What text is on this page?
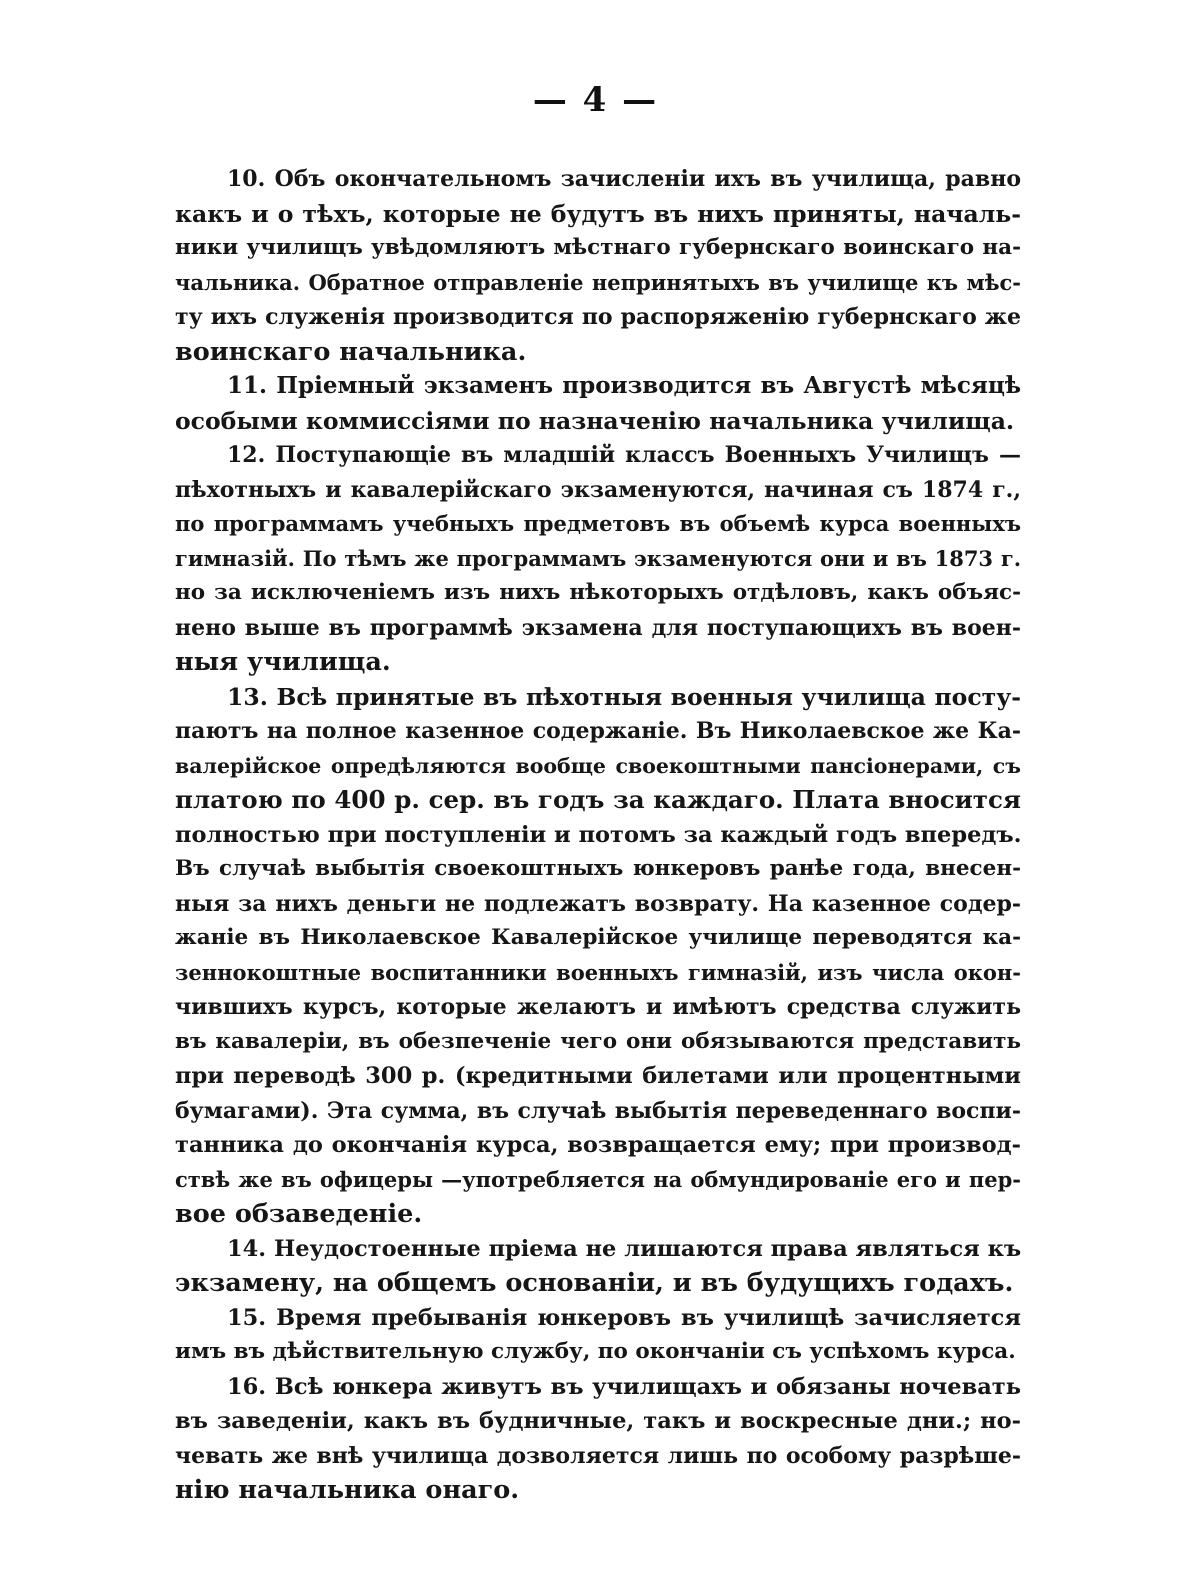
— 4 —
10. Объ окончательномъ зачисленіи ихъ въ училища, равно
какъ и о тѣхъ, которые не будутъ въ нихъ приняты, началь-
ники училищъ увѣдомляютъ мѣстнаго губернскаго воинскаго на-
чальника. Обратное отправленіе непринятыхъ въ училище къ мѣс-
ту ихъ служенія производится по распоряженію губернскаго же
воинскаго начальника.
11. Пріемный экзаменъ производится въ Августѣ мѣсяцѣ
особыми коммиссіями по назначенію начальника училища.
12. Поступающіе въ младшій классъ Военныхъ Училищъ —
пѣхотныхъ и кавалерійскаго экзаменуются, начиная съ 1874 г.,
по программамъ учебныхъ предметовъ въ объемѣ курса военныхъ
гимназій. По тѣмъ же программамъ экзаменуются они и въ 1873 г.
но за исключеніемъ изъ нихъ нѣкоторыхъ отдѣловъ, какъ объяс-
нено выше въ программѣ экзамена для поступающихъ въ воен-
ныя училища.
13. Всѣ принятые въ пѣхотныя военныя училища посту-
паютъ на полное казенное содержаніе. Въ Николаевское же Ка-
валерійское опредѣляются вообще своекоштными пансіонерами, съ
платою по 400 р. сер. въ годъ за каждаго. Плата вносится
полностью при поступленіи и потомъ за каждый годъ впередъ.
Въ случаѣ выбытія своекоштныхъ юнкеровъ ранѣе года, внесен-
ныя за нихъ деньги не подлежатъ возврату. На казенное содер-
жаніе въ Николаевское Кавалерійское училище переводятся ка-
зеннокоштные воспитанники военныхъ гимназій, изъ числа окон-
чившихъ курсъ, которые желаютъ и имѣютъ средства служить
въ кавалеріи, въ обезпеченіе чего они обязываются представить
при переводѣ 300 р. (кредитными билетами или процентными
бумагами). Эта сумма, въ случаѣ выбытія переведеннаго воспи-
танника до окончанія курса, возвращается ему; при производ-
ствѣ же въ офицеры —употребляется на обмундированіе его и пер-
вое обзаведеніе.
14. Неудостоенные пріема не лишаются права являться къ
экзамену, на общемъ основаніи, и въ будущихъ годахъ.
15. Время пребыванія юнкеровъ въ училищѣ зачисляется
имъ въ дѣйствительную службу, по окончаніи съ успѣхомъ курса.
16. Всѣ юнкера живутъ въ училищахъ и обязаны ночевать
въ заведеніи, какъ въ будничные, такъ и воскресные дни.; но-
чевать же внѣ училища дозволяется лишь по особому разрѣше-
нію начальника онаго.
